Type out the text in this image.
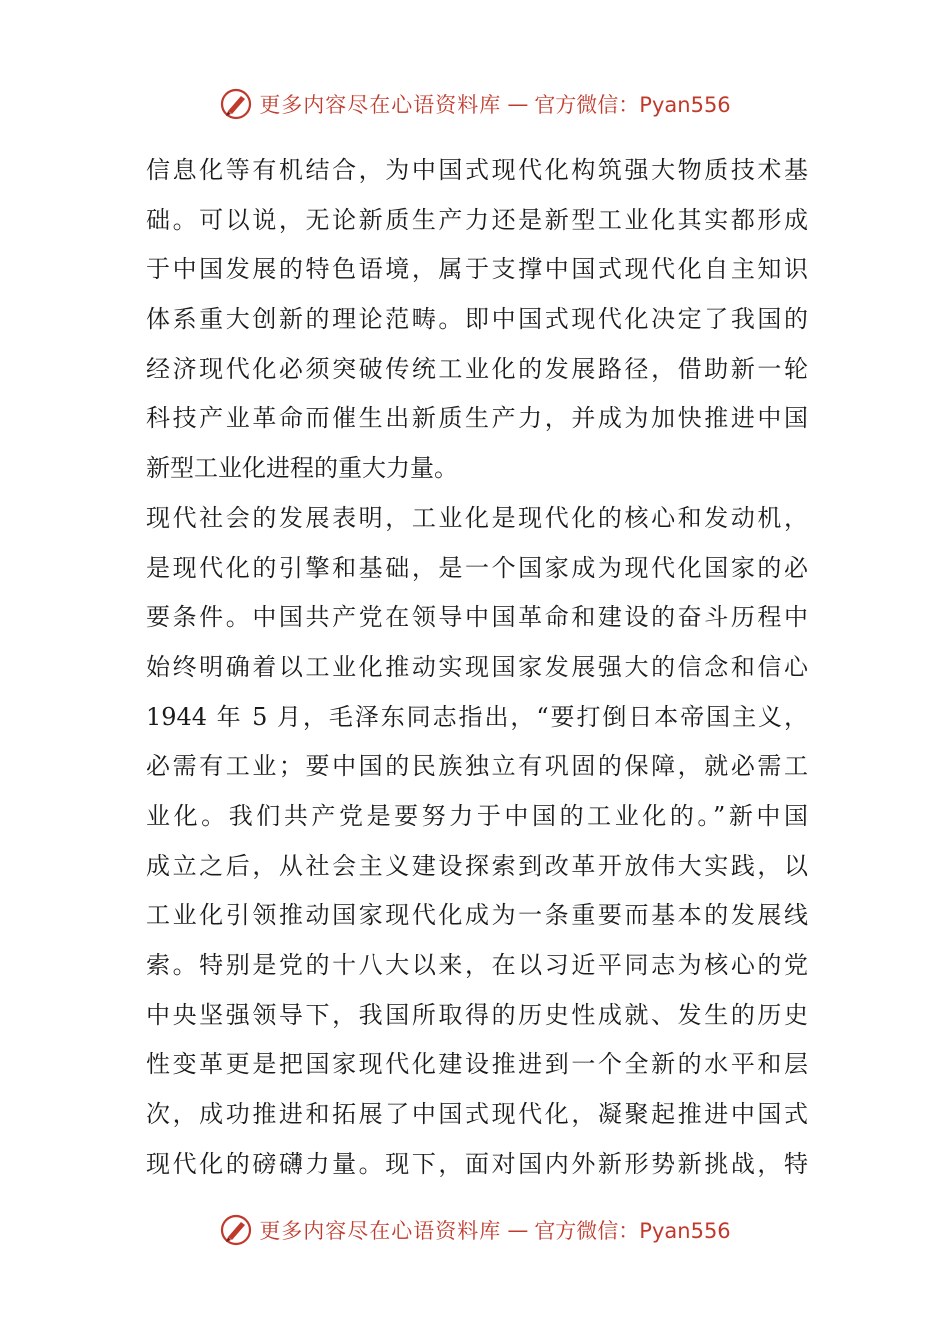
更多内容尽在心语资料库 — 官方微信：Pyan556
信息化等有机结合，为中国式现代化构筑强大物质技术基
础。可以说，无论新质生产力还是新型工业化其实都形成
于中国发展的特色语境，属于支撑中国式现代化自主知识
体系重大创新的理论范畴。即中国式现代化决定了我国的
经济现代化必须突破传统工业化的发展路径，借助新一轮
科技产业革命而催生出新质生产力，并成为加快推进中国
新型工业化进程的重大力量。
现代社会的发展表明，工业化是现代化的核心和发动机，
是现代化的引擎和基础，是一个国家成为现代化国家的必
要条件。中国共产党在领导中国革命和建设的奋斗历程中
始终明确着以工业化推动实现国家发展强大的信念和信心
1944 年 5 月，毛泽东同志指出，“要打倒日本帝国主义，
必需有工业；要中国的民族独立有巩固的保障，就必需工
业化。我们共产党是要努力于中国的工业化的。”新中国
成立之后，从社会主义建设探索到改革开放伟大实践，以
工业化引领推动国家现代化成为一条重要而基本的发展线
索。特别是党的十八大以来，在以习近平同志为核心的党
中央坚强领导下，我国所取得的历史性成就、发生的历史
性变革更是把国家现代化建设推进到一个全新的水平和层
次，成功推进和拓展了中国式现代化，凝聚起推进中国式
现代化的磅礴力量。现下，面对国内外新形势新挑战，特
更多内容尽在心语资料库 — 官方微信：Pyan556
